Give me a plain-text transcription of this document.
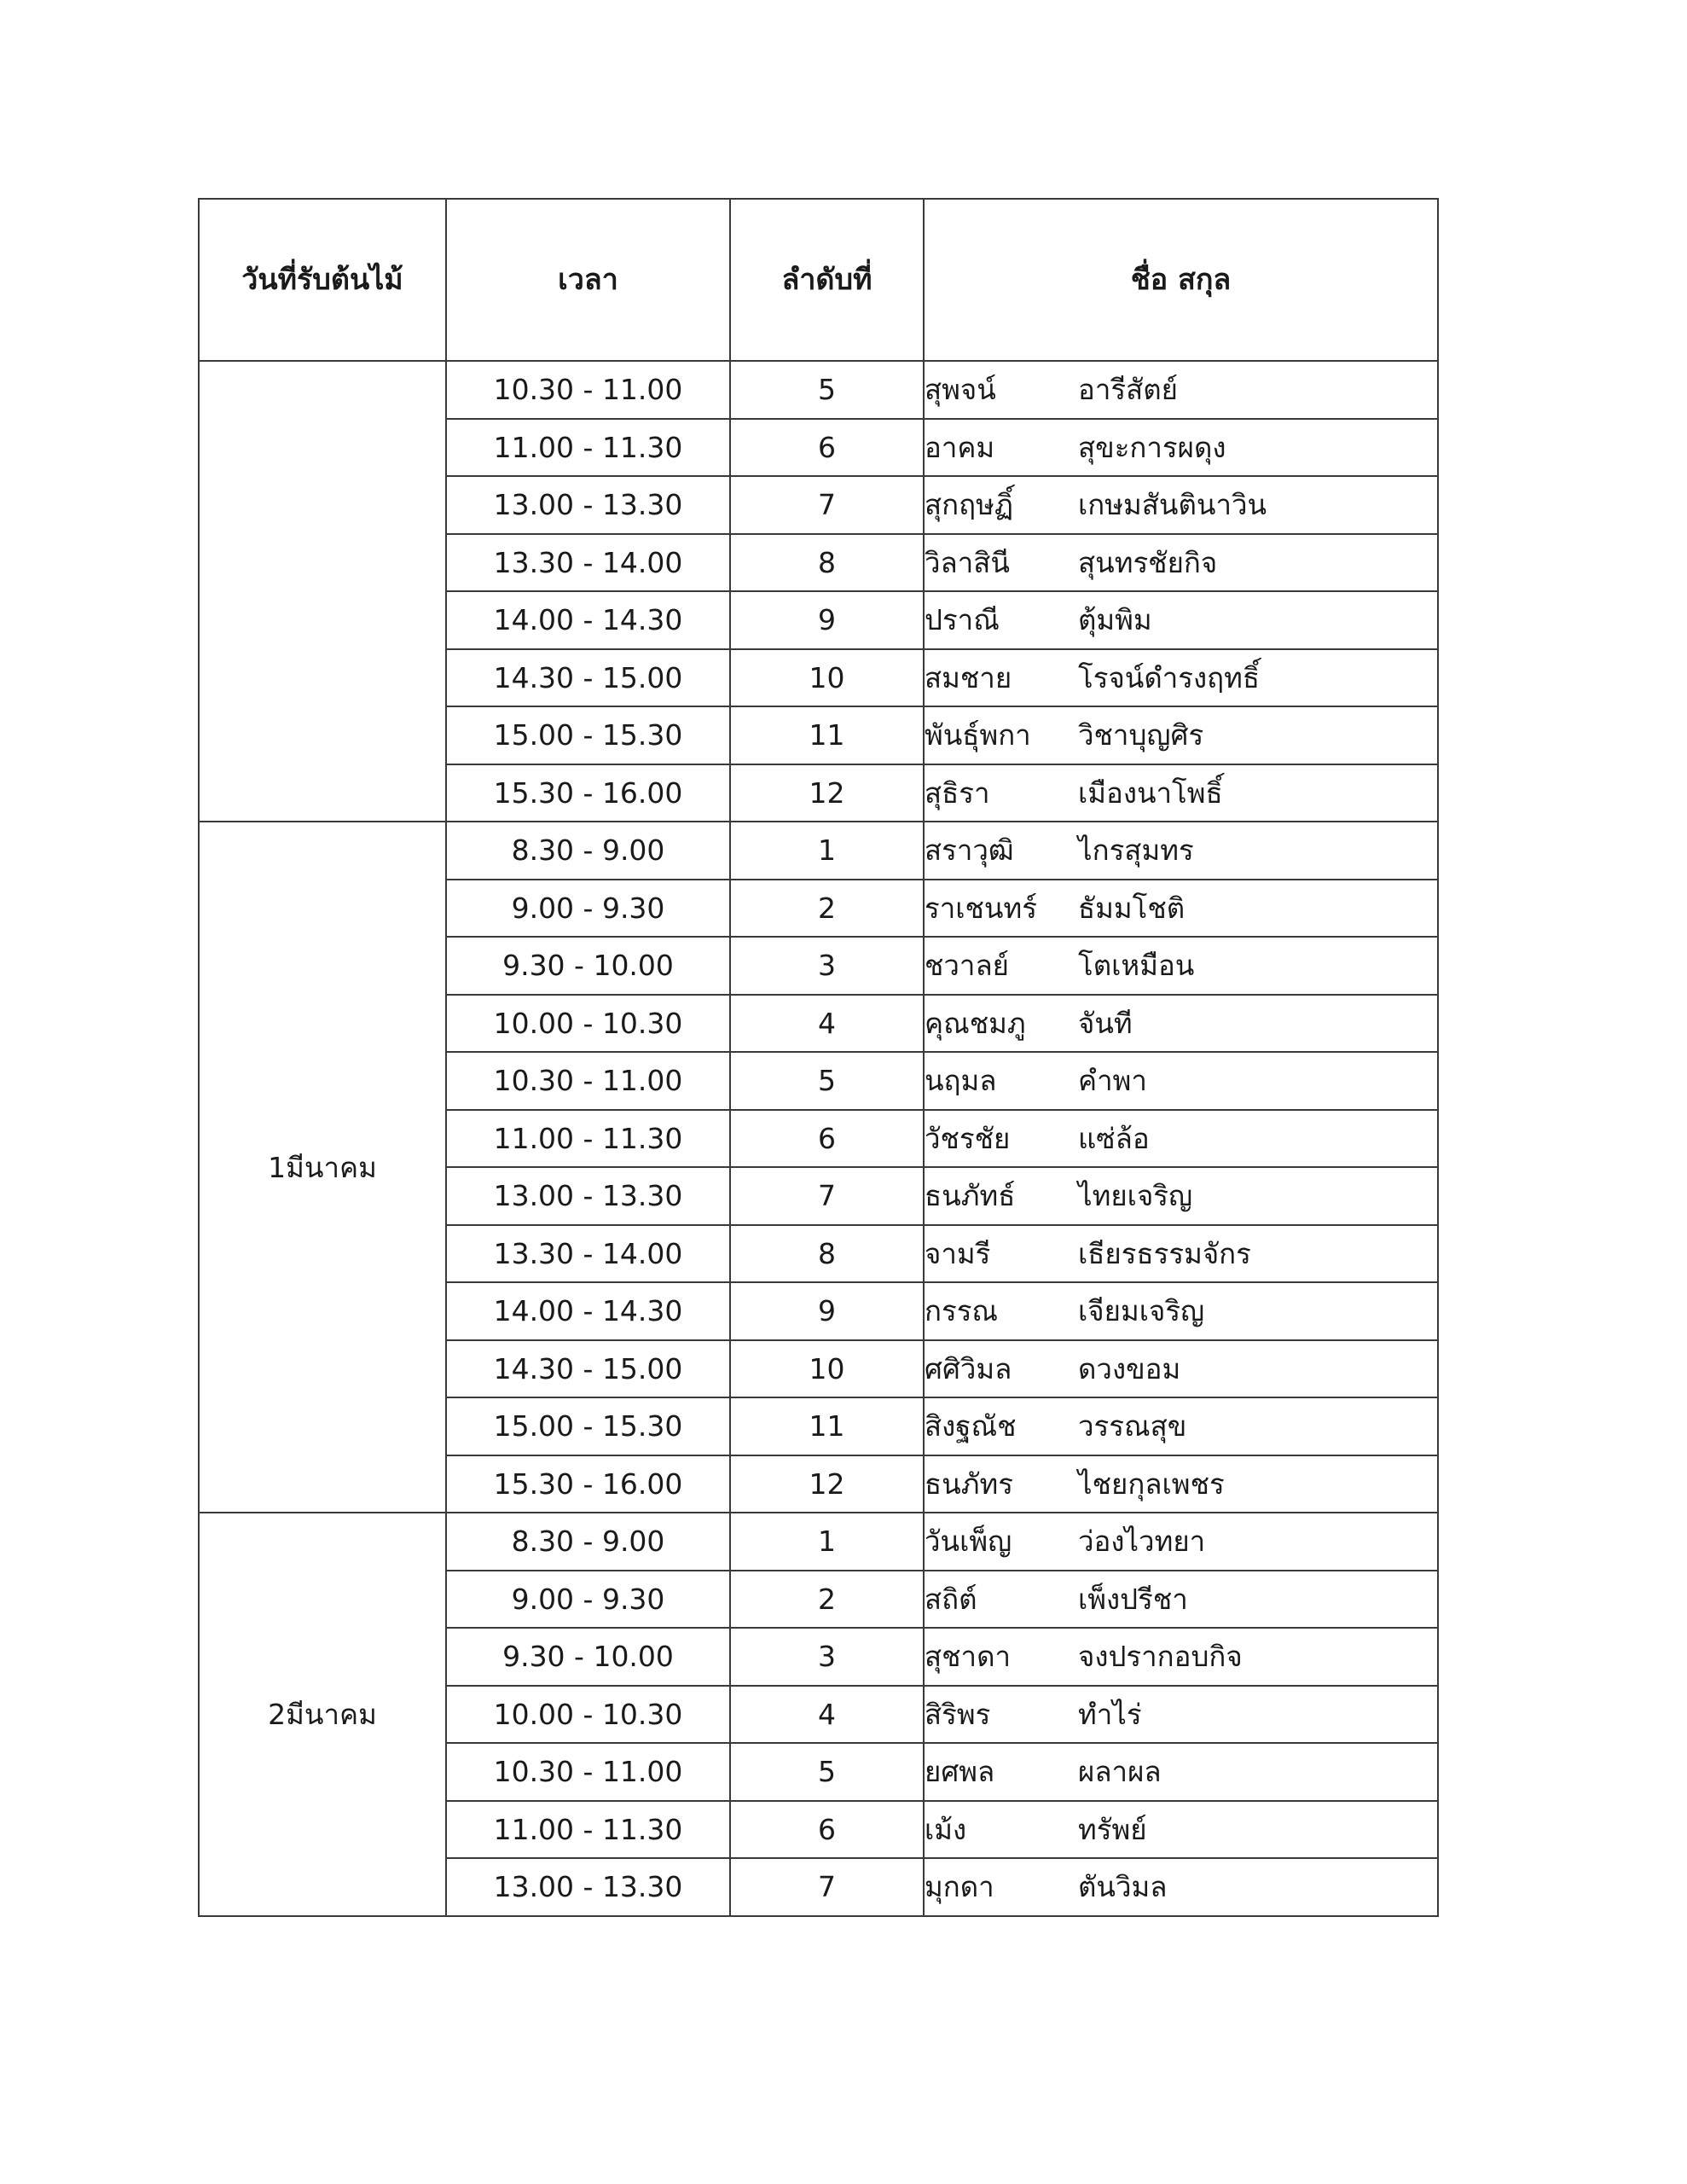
วันที่รับต้นไม้	เวลา	ลำดับที่	ชื่อ สกุล
	10.30 - 11.00	5	สุพจน์ อารีสัตย์
	11.00 - 11.30	6	อาคม สุขะการผดุง
	13.00 - 13.30	7	สุกฤษฏิ์ เกษมสันตินาวิน
	13.30 - 14.00	8	วิลาสินี สุนทรชัยกิจ
	14.00 - 14.30	9	ปราณี ตุ้มพิม
	14.30 - 15.00	10	สมชาย โรจน์ดำรงฤทธิ์
	15.00 - 15.30	11	พันธุ์พกา วิชาบุญศิร
	15.30 - 16.00	12	สุธิรา เมืองนาโพธิ์
1มีนาคม	8.30 - 9.00	1	สราวุฒิ ไกรสุมทร
	9.00 - 9.30	2	ราเชนทร์ ธัมมโชติ
	9.30 - 10.00	3	ชวาลย์ โตเหมือน
	10.00 - 10.30	4	คุณชมภู จันที
	10.30 - 11.00	5	นฤมล คำพา
	11.00 - 11.30	6	วัชรชัย แซ่ล้อ
	13.00 - 13.30	7	ธนภัทธ์ ไทยเจริญ
	13.30 - 14.00	8	จามรี เธียรธรรมจักร
	14.00 - 14.30	9	กรรณ เจียมเจริญ
	14.30 - 15.00	10	ศศิวิมล ดวงขอม
	15.00 - 15.30	11	สิงฐณัช วรรณสุข
	15.30 - 16.00	12	ธนภัทร ไชยกุลเพชร
2มีนาคม	8.30 - 9.00	1	วันเพ็ญ ว่องไวทยา
	9.00 - 9.30	2	สถิต์ เพ็งปรีชา
	9.30 - 10.00	3	สุชาดา จงปรากอบกิจ
	10.00 - 10.30	4	สิริพร ทำไร่
	10.30 - 11.00	5	ยศพล ผลาผล
	11.00 - 11.30	6	เม้ง ทรัพย์
	13.00 - 13.30	7	มุกดา ตันวิมล
